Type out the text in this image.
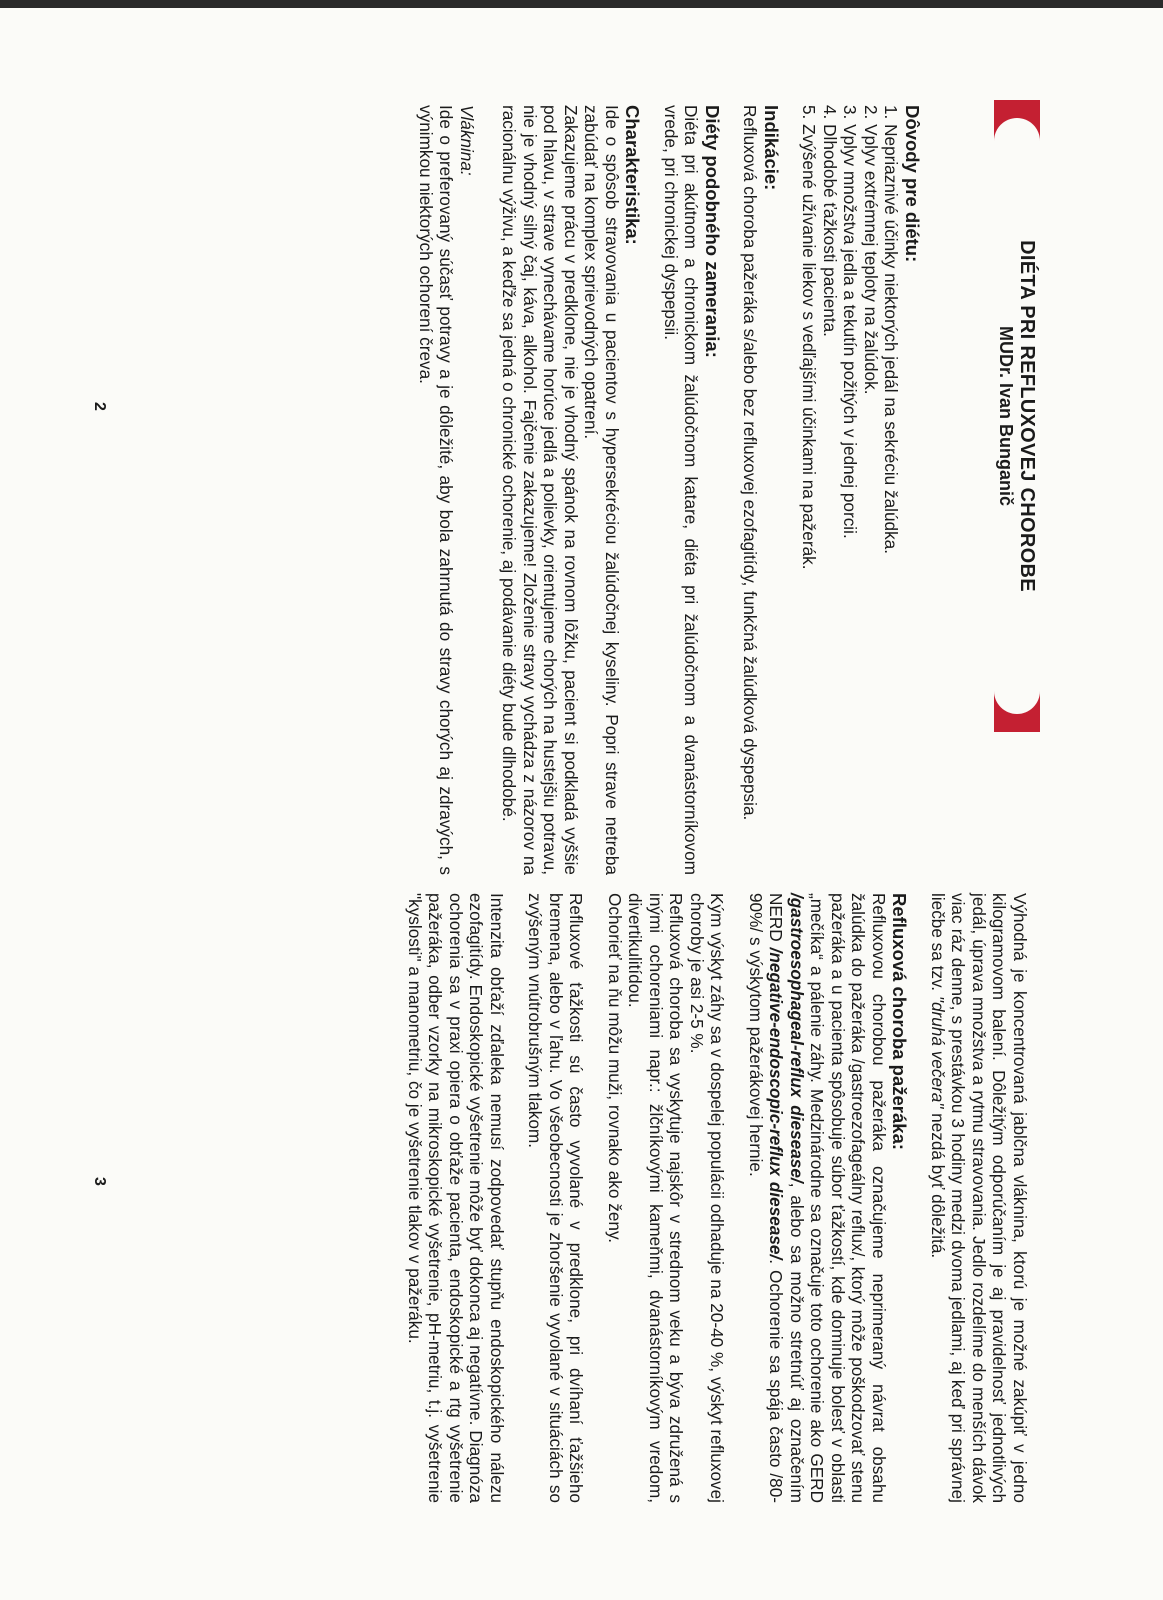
DIÉTA PRI REFLUXOVEJ CHOROBE
MUDr. Ivan Bunganič

Dôvody pre diétu:

1. Nepriaznivé účinky niektorých jedál na sekréciu žalúdka.
2. Vplyv extrémnej teploty na žalúdok.
3. Vplyv množstva jedla a tekutín požitých v jednej porcii.
4. Dlhodobé ťažkosti pacienta.
5. Zvýšené užívanie liekov s vedľajšími účinkami na pažerák.

Indikácie:

Refluxová choroba pažeráka s/alebo bez refluxovej ezofagitídy, funkčná žalúdková dyspepsia.

Diéty podobného zamerania:

Diéta pri akútnom a chronickom žalúdočnom katare, diéta pri žalúdočnom a dvanástorníkovom vrede, pri chronickej dyspepsii.

Charakteristika:

Ide o spôsob stravovania u pacientov s hypersekréciou žalúdočnej kyseliny. Popri strave netreba zabúdať na komplex sprievodných opatrení.

Zakazujeme prácu v predklone, nie je vhodný spánok na rovnom lôžku, pacient si podkladá vyššie pod hlavu, v strave vynechávame horúce jedlá a polievky, orientujeme chorých na hustejšiu potravu, nie je vhodný silný čaj, káva, alkohol. Fajčenie zakazujeme! Zloženie stravy vychádza z názorov na racionálnu výživu, a keďže sa jedná o chronické ochorenie, aj podávanie diéty bude dlhodobé.

Vláknina:

Ide o preferovaný súčasť potravy a je dôležité, aby bola zahrnutá do stravy chorých aj zdravých, s výnimkou niektorých ochorení čreva.

2

Výhodná je koncentrovaná jablčna vláknina, ktorú je možné zakúpiť v jedno kilogramovom balení. Dôležitým odporúčaním je aj pravidelnosť jednotlivých jedál, úprava množstva a rytmu stravovania. Jedlo rozdelíme do menších dávok viac ráz denne, s prestávkou 3 hodiny medzi dvoma jedlami, aj keď pri správnej liečbe sa tzv. "druhá večera" nezdá byť dôležitá.

Refluxová choroba pažeráka:

Refluxovou chorobou pažeráka označujeme neprimeraný návrat obsahu žalúdka do pažeráka /gastroezofageálny reflux/, ktorý môže poškodzovať stenu pažeráka a u pacienta spôsobuje súbor ťažkostí, kde dominuje bolesť v oblasti „mečíka“ a pálenie záhy. Medzinárodne sa označuje toto ochorenie ako GERD /gastroesophageal-reflux diesease/, alebo sa možno stretnúť aj označením NERD /negative-endoscopic-reflux diesease/. Ochorenie sa spája často /80-90%/ s výskytom pažerákovej hernie.

Kým výskyt záhy sa v dospelej populácii odhaduje na 20-40 %, výskyt refluxovej choroby je asi 2-5 %.

Refluxová choroba sa vyskytuje najskôr v strednom veku a býva združená s inými ochoreniami napr.: žlčníkovými kameňmi, dvanástorníkovým vredom, divertikulitídou.

Ochorieť na ňu môžu muži, rovnako ako ženy.

Refluxové ťažkosti sú často vyvolané v predklone, pri dvíhaní ťažšieho bremena, alebo v ľahu. Vo všeobecnosti je zhoršenie vyvolané v situáciách so zvýšeným vnútrobrušným tlakom.

Intenzita obťaží zďaleka nemusí zodpovedať stupňu endoskopického nálezu ezofagitídy. Endoskopické vyšetrenie môže byť dokonca aj negatívne. Diagnóza ochorenia sa v praxi opiera o obťaže pacienta, endoskopické a rtg vyšetrenie pažeráka, odber vzorky na mikroskopické vyšetrenie, pH-metriu, t.j. vyšetrenie "kyslosti" a manometriu, čo je vyšetrenie tlakov v pažeráku.

3
